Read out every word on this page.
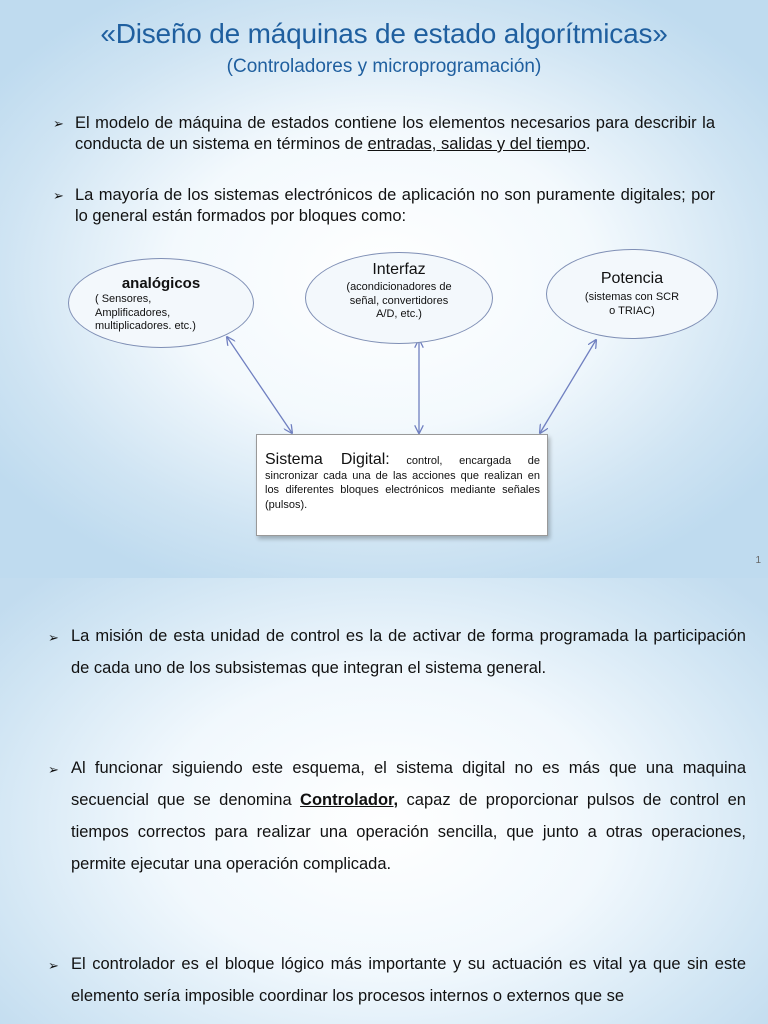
«Diseño de máquinas de estado algorítmicas»
(Controladores y microprogramación)
➢ El modelo de máquina de estados contiene los elementos necesarios para describir la conducta de un sistema en términos de entradas, salidas y del tiempo.
➢ La mayoría de los sistemas electrónicos de aplicación no son puramente digitales; por lo general están formados por bloques como:
analógicos
( Sensores, Amplificadores, multiplicadores. etc.)
Interfaz
(acondicionadores de señal, convertidores A/D, etc.)
Potencia
(sistemas con SCR o TRIAC)
Sistema Digital: control, encargada de sincronizar cada una de las acciones que realizan en los diferentes bloques electrónicos mediante señales (pulsos).
1
➢ La misión de esta unidad de control es la de activar de forma programada la participación de cada uno de los subsistemas que integran el sistema general.
➢ Al funcionar siguiendo este esquema, el sistema digital no es más que una maquina secuencial que se denomina Controlador, capaz de proporcionar pulsos de control en tiempos correctos para realizar una operación sencilla, que junto a otras operaciones, permite ejecutar una operación complicada.
➢ El controlador es el bloque lógico más importante y su actuación es vital ya que sin este elemento sería imposible coordinar los procesos internos o externos que se
